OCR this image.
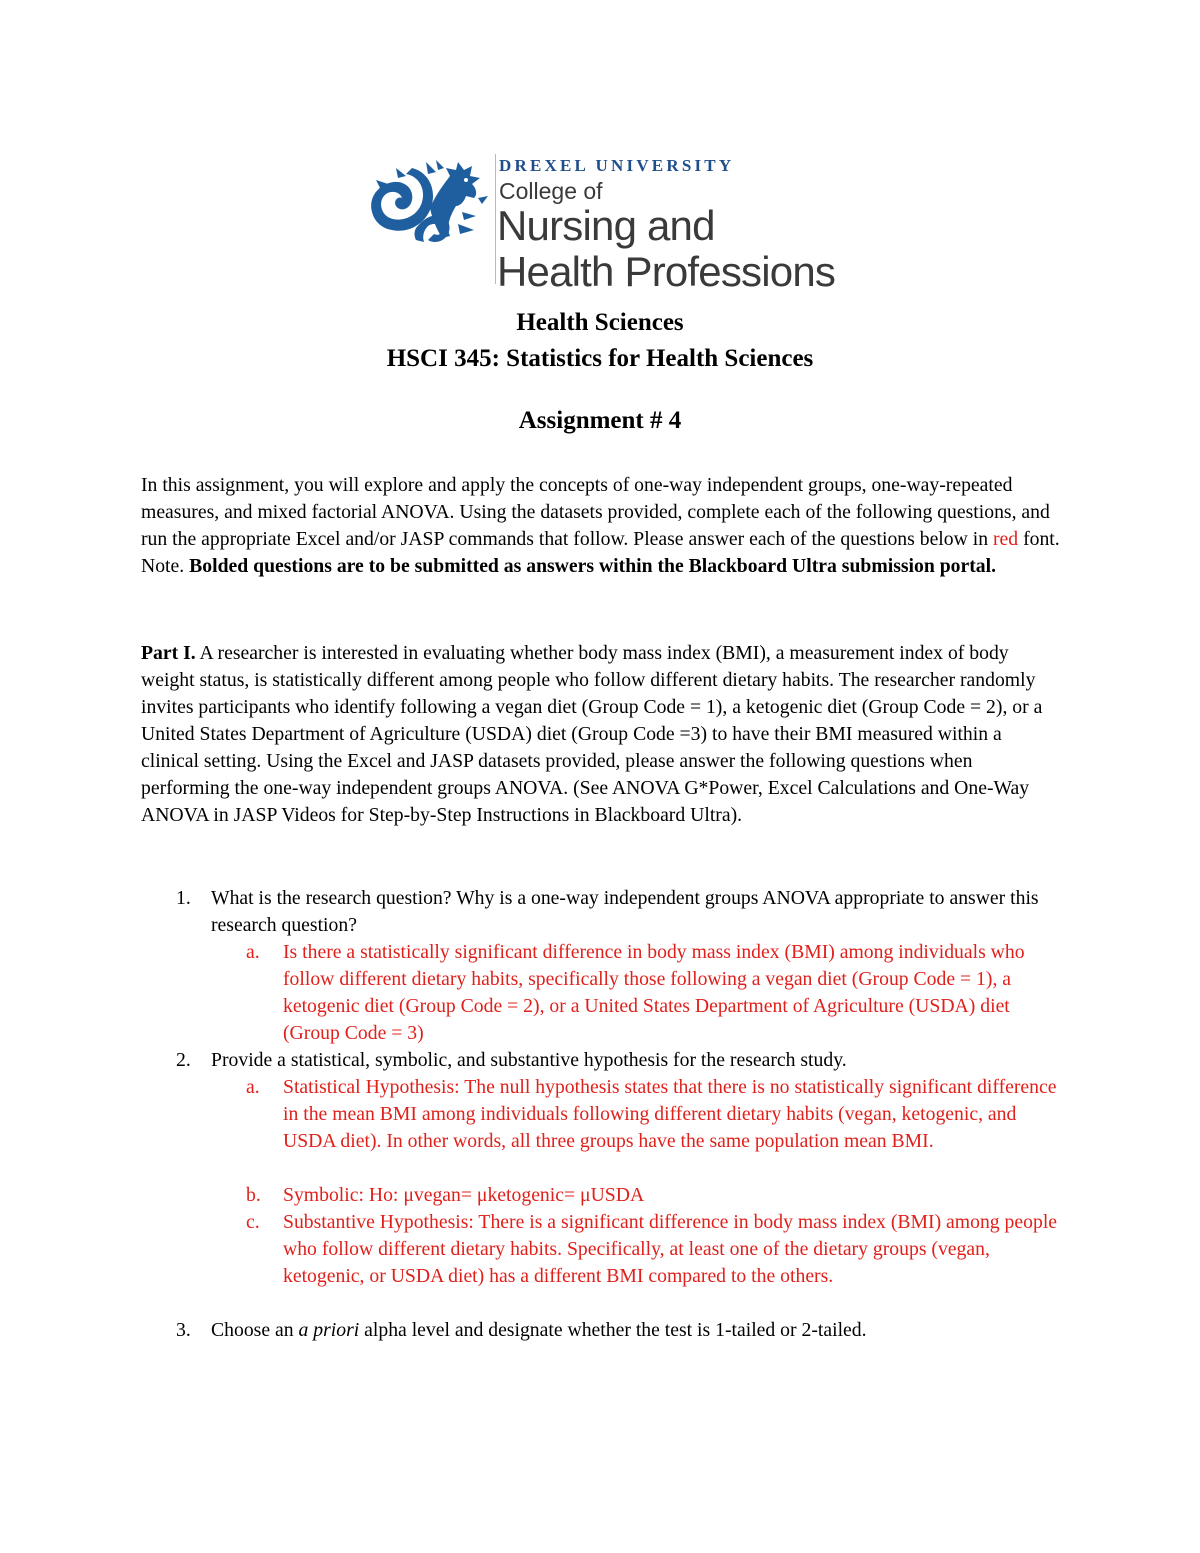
DREXEL UNIVERSITY
College of
Nursing and
Health Professions
Health Sciences
HSCI 345: Statistics for Health Sciences
Assignment # 4
In this assignment, you will explore and apply the concepts of one-way independent groups, one-way-repeated measures, and mixed factorial ANOVA. Using the datasets provided, complete each of the following questions, and run the appropriate Excel and/or JASP commands that follow. Please answer each of the questions below in red font. Note. Bolded questions are to be submitted as answers within the Blackboard Ultra submission portal.
Part I. A researcher is interested in evaluating whether body mass index (BMI), a measurement index of body weight status, is statistically different among people who follow different dietary habits. The researcher randomly invites participants who identify following a vegan diet (Group Code = 1), a ketogenic diet (Group Code = 2), or a United States Department of Agriculture (USDA) diet (Group Code =3) to have their BMI measured within a clinical setting. Using the Excel and JASP datasets provided, please answer the following questions when performing the one-way independent groups ANOVA. (See ANOVA G*Power, Excel Calculations and One-Way ANOVA in JASP Videos for Step-by-Step Instructions in Blackboard Ultra).
1. What is the research question? Why is a one-way independent groups ANOVA appropriate to answer this research question?
a. Is there a statistically significant difference in body mass index (BMI) among individuals who follow different dietary habits, specifically those following a vegan diet (Group Code = 1), a ketogenic diet (Group Code = 2), or a United States Department of Agriculture (USDA) diet (Group Code = 3)
2. Provide a statistical, symbolic, and substantive hypothesis for the research study.
a. Statistical Hypothesis: The null hypothesis states that there is no statistically significant difference in the mean BMI among individuals following different dietary habits (vegan, ketogenic, and USDA diet). In other words, all three groups have the same population mean BMI.
b. Symbolic: Ho: μvegan= μketogenic= μUSDA
c. Substantive Hypothesis: There is a significant difference in body mass index (BMI) among people who follow different dietary habits. Specifically, at least one of the dietary groups (vegan, ketogenic, or USDA diet) has a different BMI compared to the others.
3. Choose an a priori alpha level and designate whether the test is 1-tailed or 2-tailed.
